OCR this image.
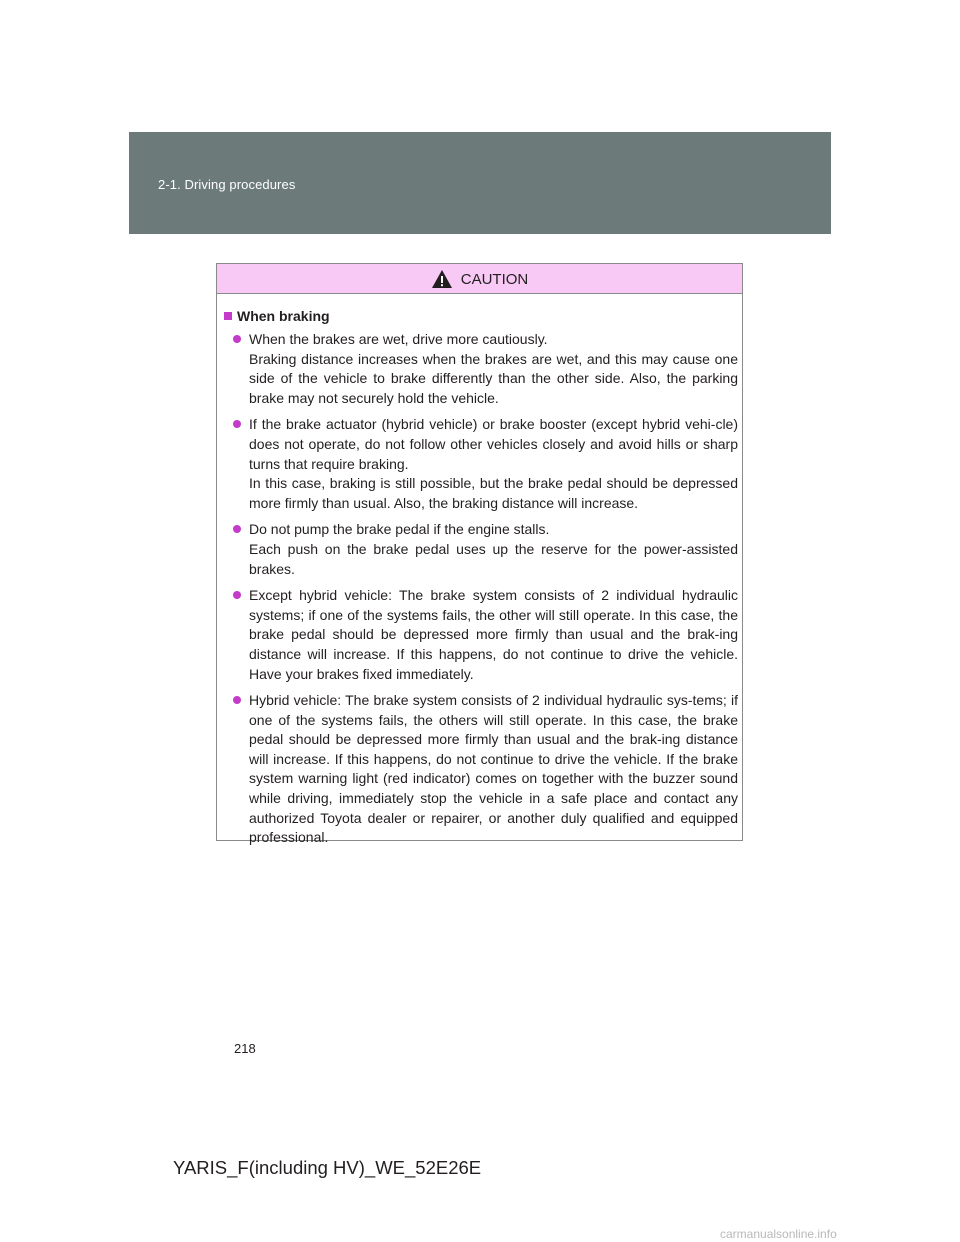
2-1. Driving procedures
CAUTION
When braking

When the brakes are wet, drive more cautiously.

Braking distance increases when the brakes are wet, and this may cause one side of the vehicle to brake differently than the other side. Also, the parking brake may not securely hold the vehicle.

If the brake actuator (hybrid vehicle) or brake booster (except hybrid vehi-cle) does not operate, do not follow other vehicles closely and avoid hills or sharp turns that require braking.

In this case, braking is still possible, but the brake pedal should be depressed more firmly than usual. Also, the braking distance will increase.

Do not pump the brake pedal if the engine stalls.

Each push on the brake pedal uses up the reserve for the power-assisted brakes.

Except hybrid vehicle: The brake system consists of 2 individual hydraulic systems; if one of the systems fails, the other will still operate. In this case, the brake pedal should be depressed more firmly than usual and the brak-ing distance will increase. If this happens, do not continue to drive the vehicle. Have your brakes fixed immediately.

Hybrid vehicle: The brake system consists of 2 individual hydraulic sys-tems; if one of the systems fails, the others will still operate. In this case, the brake pedal should be depressed more firmly than usual and the brak-ing distance will increase. If this happens, do not continue to drive the vehicle. If the brake system warning light (red indicator) comes on together with the buzzer sound while driving, immediately stop the vehicle in a safe place and contact any authorized Toyota dealer or repairer, or another duly qualified and equipped professional.

218
YARIS_F(including HV)_WE_52E26E
carmanualsonline.info
